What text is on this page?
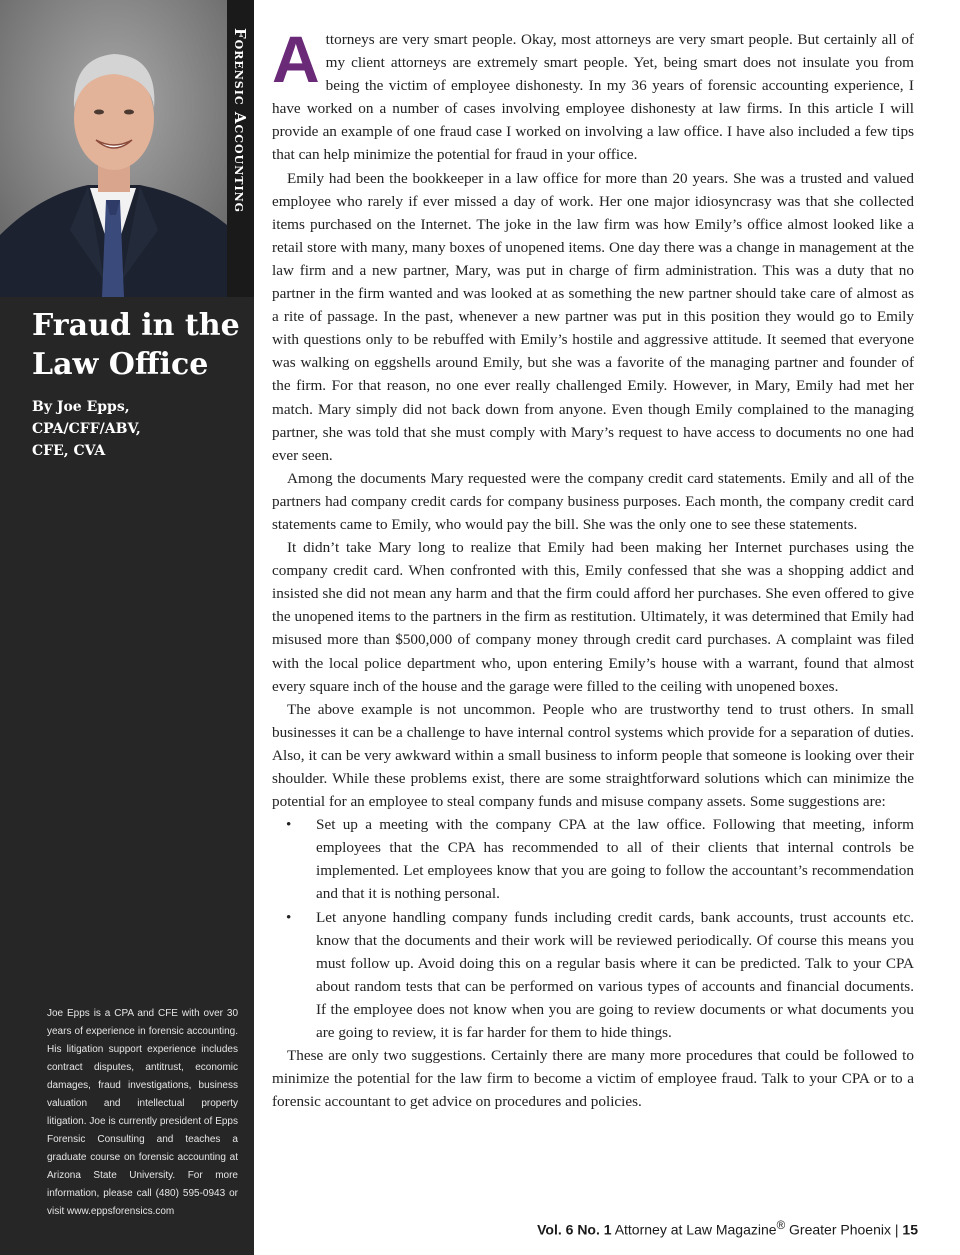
Forensic Accounting
Fraud in the
Law Office
By Joe Epps, CPA/CFF/ABV,
CFE, CVA
Joe Epps is a CPA and CFE with over 30 years of experience in forensic accounting. His litigation support experience includes contract disputes, antitrust, economic damages, fraud investigations, business valuation and intellectual property litigation. Joe is currently president of Epps Forensic Consulting and teaches a graduate course on forensic accounting at Arizona State University. For more information, please call (480) 595-0943 or visit www.eppsforensics.com

Attorneys are very smart people. Okay, most attorneys are very smart people. But certainly all of my client attorneys are extremely smart people. Yet, being smart does not insulate you from being the victim of employee dishonesty. In my 36 years of forensic accounting experience, I have worked on a number of cases involving employee dishonesty at law firms. In this article I will provide an example of one fraud case I worked on involving a law office. I have also included a few tips that can help minimize the potential for fraud in your office.

Emily had been the bookkeeper in a law office for more than 20 years. She was a trusted and valued employee who rarely if ever missed a day of work. Her one major idiosyncrasy was that she collected items purchased on the Internet. The joke in the law firm was how Emily’s office almost looked like a retail store with many, many boxes of unopened items. One day there was a change in management at the law firm and a new partner, Mary, was put in charge of firm administration. This was a duty that no partner in the firm wanted and was looked at as something the new partner should take care of almost as a rite of passage. In the past, whenever a new partner was put in this position they would go to Emily with questions only to be rebuffed with Emily’s hostile and aggressive attitude. It seemed that everyone was walking on eggshells around Emily, but she was a favorite of the managing partner and founder of the firm. For that reason, no one ever really challenged Emily. However, in Mary, Emily had met her match. Mary simply did not back down from anyone. Even though Emily complained to the managing partner, she was told that she must comply with Mary’s request to have access to documents no one had ever seen.

Among the documents Mary requested were the company credit card statements. Emily and all of the partners had company credit cards for company business purposes. Each month, the company credit card statements came to Emily, who would pay the bill. She was the only one to see these statements.

It didn’t take Mary long to realize that Emily had been making her Internet purchases using the company credit card. When confronted with this, Emily confessed that she was a shopping addict and insisted she did not mean any harm and that the firm could afford her purchases. She even offered to give the unopened items to the partners in the firm as restitution. Ultimately, it was determined that Emily had misused more than $500,000 of company money through credit card purchases. A complaint was filed with the local police department who, upon entering Emily’s house with a warrant, found that almost every square inch of the house and the garage were filled to the ceiling with unopened boxes.

The above example is not uncommon. People who are trustworthy tend to trust others. In small businesses it can be a challenge to have internal control systems which provide for a separation of duties. Also, it can be very awkward within a small business to inform people that someone is looking over their shoulder. While these problems exist, there are some straightforward solutions which can minimize the potential for an employee to steal company funds and misuse company assets. Some suggestions are:

• Set up a meeting with the company CPA at the law office. Following that meeting, inform employees that the CPA has recommended to all of their clients that internal controls be implemented. Let employees know that you are going to follow the accountant’s recommendation and that it is nothing personal.
• Let anyone handling company funds including credit cards, bank accounts, trust accounts etc. know that the documents and their work will be reviewed periodically. Of course this means you must follow up. Avoid doing this on a regular basis where it can be predicted. Talk to your CPA about random tests that can be performed on various types of accounts and financial documents. If the employee does not know when you are going to review documents or what documents you are going to review, it is far harder for them to hide things.

These are only two suggestions. Certainly there are many more procedures that could be followed to minimize the potential for the law firm to become a victim of employee fraud. Talk to your CPA or to a forensic accountant to get advice on procedures and policies.

Vol. 6 No. 1 Attorney at Law Magazine® Greater Phoenix | 15
